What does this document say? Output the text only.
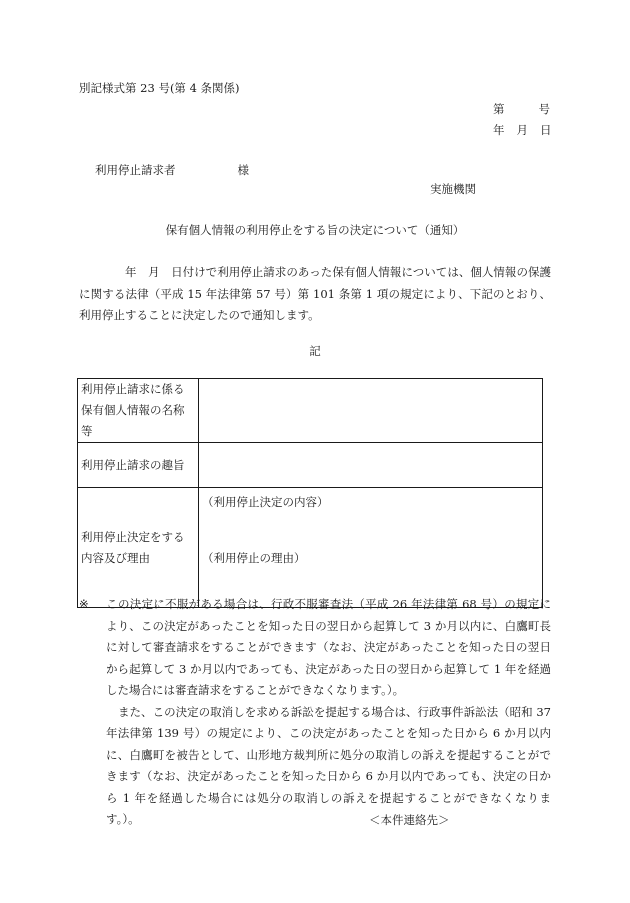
別記様式第 23 号(第 4 条関係)
第	号
年 月 日
利用停止請求者	様
実施機関
保有個人情報の利用停止をする旨の決定について（通知）
年　月　日付けで利用停止請求のあった保有個人情報については、個人情報の保護に関する法律（平成 15 年法律第 57 号）第 101 条第 1 項の規定により、下記のとおり、利用停止することに決定したので通知します。
記
利用停止請求に係る保有個人情報の名称等	
利用停止請求の趣旨	
利用停止決定をする内容及び理由	（利用停止決定の内容）
（利用停止の理由）

※ この決定に不服がある場合は、行政不服審査法（平成 26 年法律第 68 号）の規定により、この決定があったことを知った日の翌日から起算して 3 か月以内に、白鷹町長に対して審査請求をすることができます（なお、決定があったことを知った日の翌日から起算して 3 か月以内であっても、決定があった日の翌日から起算して 1 年を経過した場合には審査請求をすることができなくなります。）。

また、この決定の取消しを求める訴訟を提起する場合は、行政事件訴訟法（昭和 37 年法律第 139 号）の規定により、この決定があったことを知った日から 6 か月以内に、白鷹町を被告として、山形地方裁判所に処分の取消しの訴えを提起することができます（なお、決定があったことを知った日から 6 か月以内であっても、決定の日から 1 年を経過した場合には処分の取消しの訴えを提起することができなくなります。）。	＜本件連絡先＞
